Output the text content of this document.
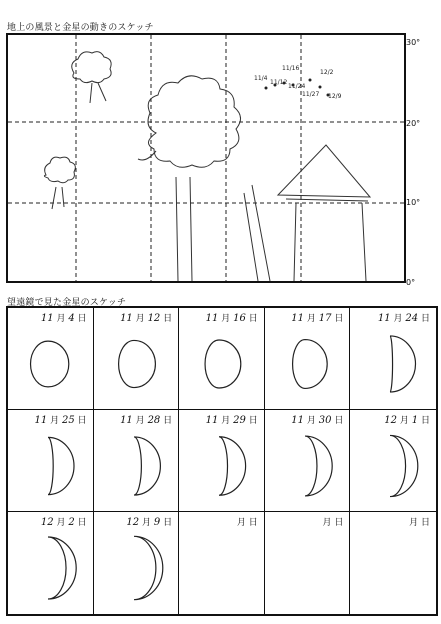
地上の風景と金星の動きのスケッチ
11/4
11/12
11/16
11/24
11/27
12/2
12/9
30°
20°
10°
0°
望遠鏡で見た金星のスケッチ
11 月 4 日	11 月 12 日	11 月 16 日	11 月 17 日	11 月 24 日
11 月 25 日	11 月 28 日	11 月 29 日	11 月 30 日	12 月 1 日
12 月 2 日	12 月 9 日	月 日	月 日	月 日
